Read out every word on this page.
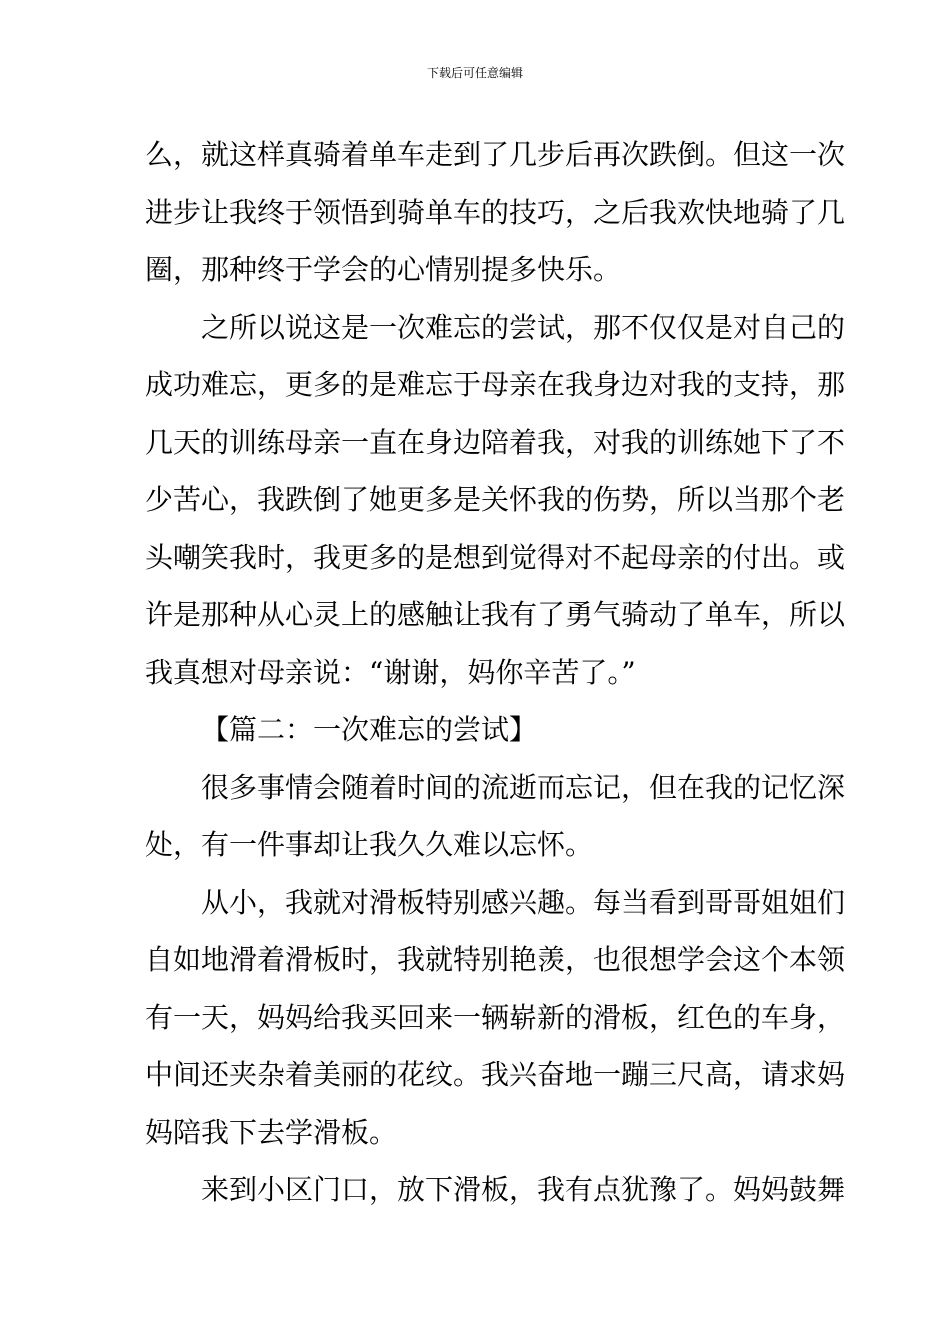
下载后可任意编辑
么，就这样真骑着单车走到了几步后再次跌倒。但这一次
进步让我终于领悟到骑单车的技巧，之后我欢快地骑了几
圈，那种终于学会的心情别提多快乐。
之所以说这是一次难忘的尝试，那不仅仅是对自己的
成功难忘，更多的是难忘于母亲在我身边对我的支持，那
几天的训练母亲一直在身边陪着我，对我的训练她下了不
少苦心，我跌倒了她更多是关怀我的伤势，所以当那个老
头嘲笑我时，我更多的是想到觉得对不起母亲的付出。或
许是那种从心灵上的感触让我有了勇气骑动了单车，所以
我真想对母亲说：“谢谢，妈你辛苦了。”
【篇二：一次难忘的尝试】
很多事情会随着时间的流逝而忘记，但在我的记忆深
处，有一件事却让我久久难以忘怀。
从小，我就对滑板特别感兴趣。每当看到哥哥姐姐们
自如地滑着滑板时，我就特别艳羡，也很想学会这个本领
有一天，妈妈给我买回来一辆崭新的滑板，红色的车身，
中间还夹杂着美丽的花纹。我兴奋地一蹦三尺高，请求妈
妈陪我下去学滑板。
来到小区门口，放下滑板，我有点犹豫了。妈妈鼓舞
